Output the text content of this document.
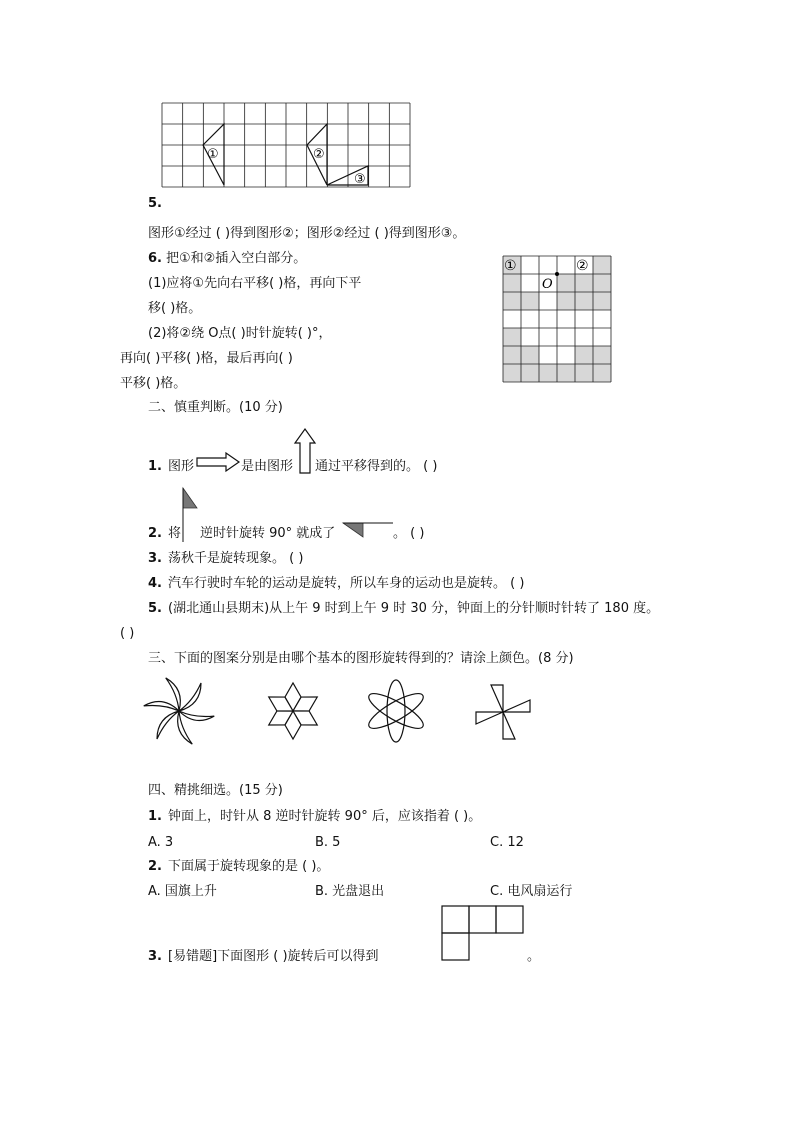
①	②
③
5.
图形①经过 ( )得到图形②；图形②经过 ( )得到图形③。
6. 把①和②插入空白部分。
(1)应将①先向右平移( )格，再向下平
移( )格。
(2)将②绕 O点( )时针旋转( )°，
再向( )平移( )格，最后再向( )
平移( )格。
①	②
O
二、慎重判断。(10 分)
1. 图形	是由图形 通过平移得到的。 ( )
2. 将 逆时针旋转 90° 就成了	。 ( )
3. 荡秋千是旋转现象。 ( )
4. 汽车行驶时车轮的运动是旋转，所以车身的运动也是旋转。 ( )
5. (湖北通山县期末)从上午 9 时到上午 9 时 30 分，钟面上的分针顺时针转了 180 度。
( )
三、下面的图案分别是由哪个基本的图形旋转得到的？请涂上颜色。(8 分)
四、精挑细选。(15 分)
1. 钟面上，时针从 8 逆时针旋转 90° 后，应该指着 ( )。
A. 3	B. 5	C. 12
2. 下面属于旋转现象的是 ( )。
A. 国旗上升	B. 光盘退出	C. 电风扇运行
3. [易错题]下面图形 ( )旋转后可以得到	。
